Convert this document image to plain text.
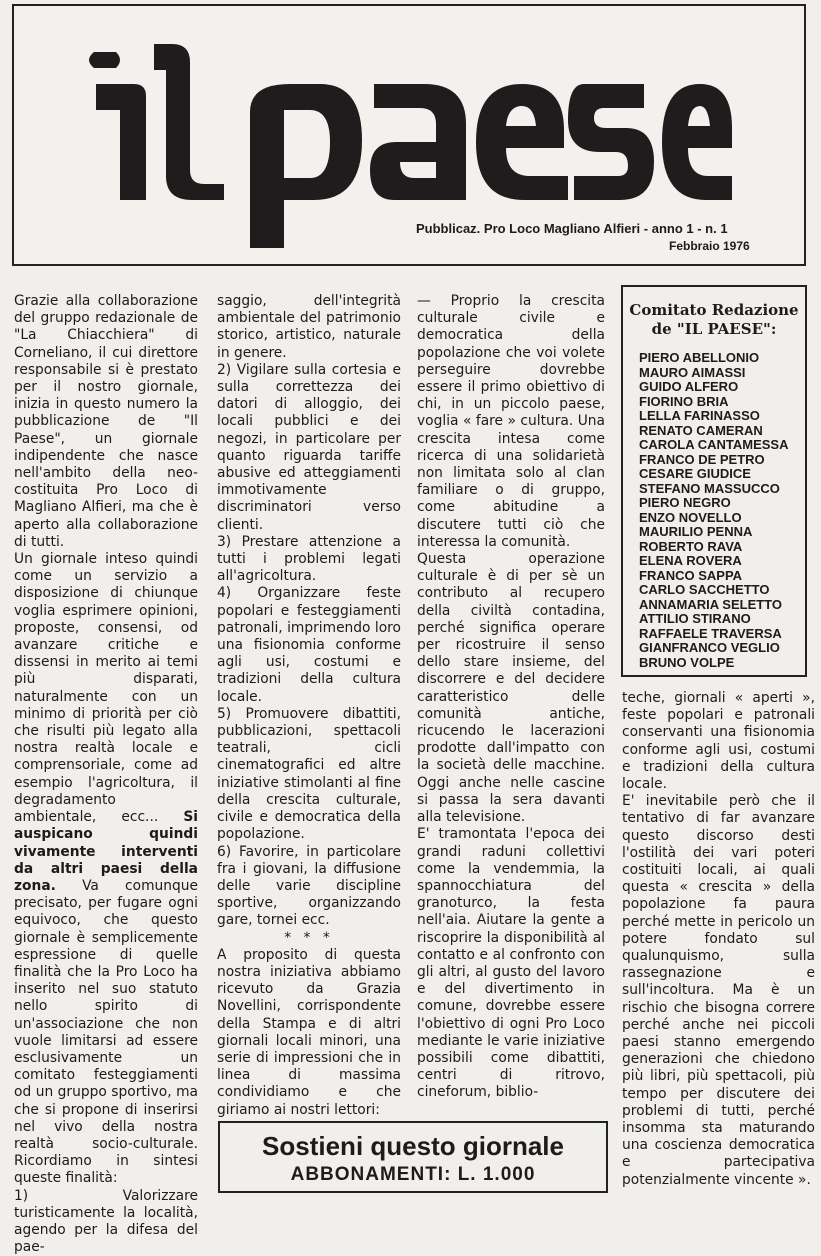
Pubblicaz. Pro Loco Magliano Alfieri - anno 1 - n. 1
Febbraio 1976

Grazie alla collaborazione del gruppo redazionale de "La Chiacchiera" di Corneliano, il cui direttore responsabile si è prestato per il nostro giornale, inizia in questo numero la pubblicazione de "Il Paese", un giornale indipendente che nasce nell'ambito della neo-costituita Pro Loco di Magliano Alfieri, ma che è aperto alla collaborazione di tutti.

Un giornale inteso quindi come un servizio a disposizione di chiunque voglia esprimere opinioni, proposte, consensi, od avanzare critiche e dissensi in merito ai temi più disparati, naturalmente con un minimo di priorità per ciò che risulti più legato alla nostra realtà locale e comprensoriale, come ad esempio l'agricoltura, il degradamento ambientale, ecc... Si auspicano quindi vivamente interventi da altri paesi della zona. Va comunque precisato, per fugare ogni equivoco, che questo giornale è semplicemente espressione di quelle finalità che la Pro Loco ha inserito nel suo statuto nello spirito di un'associazione che non vuole limitarsi ad essere esclusivamente un comitato festeggiamenti od un gruppo sportivo, ma che si propone di inserirsi nel vivo della nostra realtà socio-culturale. Ricordiamo in sintesi queste finalità:

1) Valorizzare turisticamente la località, agendo per la difesa del pae-

saggio, dell'integrità ambientale del patrimonio storico, artistico, naturale in genere.

2) Vigilare sulla cortesia e sulla correttezza dei datori di alloggio, dei locali pubblici e dei negozi, in particolare per quanto riguarda tariffe abusive ed atteggiamenti immotivamente discriminatori verso clienti.

3) Prestare attenzione a tutti i problemi legati all'agricoltura.

4) Organizzare feste popolari e festeggiamenti patronali, imprimendo loro una fisionomia conforme agli usi, costumi e tradizioni della cultura locale.

5) Promuovere dibattiti, pubblicazioni, spettacoli teatrali, cicli cinematografici ed altre iniziative stimolanti al fine della crescita culturale, civile e democratica della popolazione.

6) Favorire, in particolare fra i giovani, la diffusione delle varie discipline sportive, organizzando gare, tornei ecc.

* * *

A proposito di questa nostra iniziativa abbiamo ricevuto da Grazia Novellini, corrispondente della Stampa e di altri giornali locali minori, una serie di impressioni che in linea di massima condividiamo e che giriamo ai nostri lettori:

— Proprio la crescita culturale civile e democratica della popolazione che voi volete perseguire dovrebbe essere il primo obiettivo di chi, in un piccolo paese, voglia « fare » cultura. Una crescita intesa come ricerca di una solidarietà non limitata solo al clan familiare o di gruppo, come abitudine a discutere tutti ciò che interessa la comunità.

Questa operazione culturale è di per sè un contributo al recupero della civiltà contadina, perché significa operare per ricostruire il senso dello stare insieme, del discorrere e del decidere caratteristico delle comunità antiche, ricucendo le lacerazioni prodotte dall'impatto con la società delle macchine. Oggi anche nelle cascine si passa la sera davanti alla televisione.

E' tramontata l'epoca dei grandi raduni collettivi come la vendemmia, la spannocchiatura del granoturco, la festa nell'aia. Aiutare la gente a riscoprire la disponibilità al contatto e al confronto con gli altri, al gusto del lavoro e del divertimento in comune, dovrebbe essere l'obiettivo di ogni Pro Loco mediante le varie iniziative possibili come dibattiti, centri di ritrovo, cineforum, biblio-

Comitato Redazione
de "IL PAESE":
PIERO ABELLONIO
MAURO AIMASSI
GUIDO ALFERO
FIORINO BRIA
LELLA FARINASSO
RENATO CAMERAN
CAROLA CANTAMESSA
FRANCO DE PETRO
CESARE GIUDICE
STEFANO MASSUCCO
PIERO NEGRO
ENZO NOVELLO
MAURILIO PENNA
ROBERTO RAVA
ELENA ROVERA
FRANCO SAPPA
CARLO SACCHETTO
ANNAMARIA SELETTO
ATTILIO STIRANO
RAFFAELE TRAVERSA
GIANFRANCO VEGLIO
BRUNO VOLPE

teche, giornali « aperti », feste popolari e patronali conservanti una fisionomia conforme agli usi, costumi e tradizioni della cultura locale.

E' inevitabile però che il tentativo di far avanzare questo discorso desti l'ostilità dei vari poteri costituiti locali, ai quali questa « crescita » della popolazione fa paura perché mette in pericolo un potere fondato sul qualunquismo, sulla rassegnazione e sull'incoltura. Ma è un rischio che bisogna correre perché anche nei piccoli paesi stanno emergendo generazioni che chiedono più libri, più spettacoli, più tempo per discutere dei problemi di tutti, perché insomma sta maturando una coscienza democratica e partecipativa potenzialmente vincente ».

Sostieni questo giornale
ABBONAMENTI: L. 1.000
